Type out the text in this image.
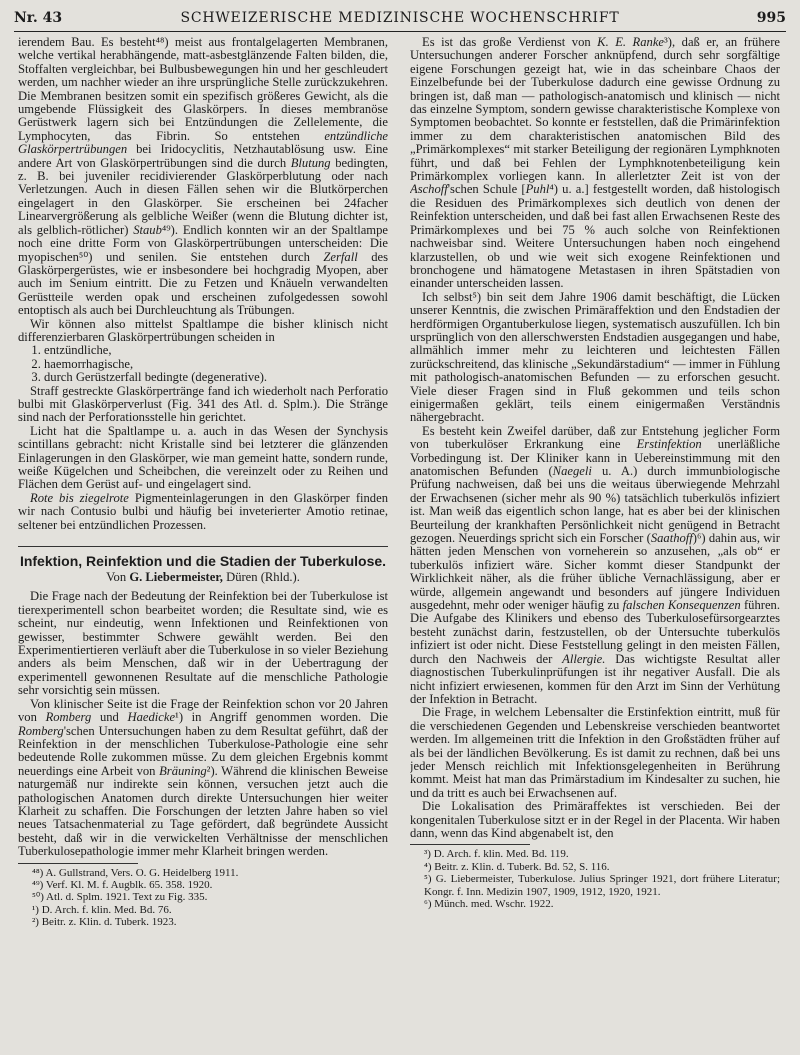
Nr. 43	SCHWEIZERISCHE MEDIZINISCHE WOCHENSCHRIFT	995

ierendem Bau. Es besteht⁴⁸) meist aus frontalgelagerten Membranen, welche vertikal herabhängende, matt-asbestglänzende Falten bilden, die, Stoffalten vergleichbar, bei Bulbusbewegungen hin und her geschleudert werden, um nachher wieder an ihre ursprüngliche Stelle zurückzukehren. Die Membranen besitzen somit ein spezifisch größeres Gewicht, als die umgebende Flüssigkeit des Glaskörpers. In dieses membranöse Gerüstwerk lagern sich bei Entzündungen die Zellelemente, die Lymphocyten, das Fibrin. So entstehen entzündliche Glaskörpertrübungen bei Iridocyclitis, Netzhautablösung usw. Eine andere Art von Glaskörpertrübungen sind die durch Blutung bedingten, z. B. bei juveniler recidivierender Glaskörperblutung oder nach Verletzungen. Auch in diesen Fällen sehen wir die Blutkörperchen eingelagert in den Glaskörper. Sie erscheinen bei 24facher Linearvergrößerung als gelbliche Weißer (wenn die Blutung dichter ist, als gelblich-rötlicher) Staub⁴⁹). Endlich konnten wir an der Spaltlampe noch eine dritte Form von Glaskörpertrübungen unterscheiden: Die myopischen⁵⁰) und senilen. Sie entstehen durch Zerfall des Glaskörpergerüstes, wie er insbesondere bei hochgradig Myopen, aber auch im Senium eintritt. Die zu Fetzen und Knäueln verwandelten Gerüstteile werden opak und erscheinen zufolgedessen sowohl entoptisch als auch bei Durchleuchtung als Trübungen.

Wir können also mittelst Spaltlampe die bisher klinisch nicht differenzierbaren Glaskörpertrübungen scheiden in

1. entzündliche,
2. haemorrhagische,
3. durch Gerüstzerfall bedingte (degenerative).

Straff gestreckte Glaskörpertränge fand ich wiederholt nach Perforatio bulbi mit Glaskörperverlust (Fig. 341 des Atl. d. Splm.). Die Stränge sind nach der Perforationsstelle hin gerichtet.

Licht hat die Spaltlampe u. a. auch in das Wesen der Synchysis scintillans gebracht: nicht Kristalle sind bei letzterer die glänzenden Einlagerungen in den Glaskörper, wie man gemeint hatte, sondern runde, weiße Kügelchen und Scheibchen, die vereinzelt oder zu Reihen und Flächen dem Gerüst auf- und eingelagert sind.

Rote bis ziegelrote Pigmenteinlagerungen in den Glaskörper finden wir nach Contusio bulbi und häufig bei inveterierter Amotio retinae, seltener bei entzündlichen Prozessen.

Infektion, Reinfektion und die Stadien der Tuberkulose.
Von G. Liebermeister, Düren (Rhld.).

Die Frage nach der Bedeutung der Reinfektion bei der Tuberkulose ist tierexperimentell schon bearbeitet worden; die Resultate sind, wie es scheint, nur eindeutig, wenn Infektionen und Reinfektionen von gewisser, bestimmter Schwere gewählt werden. Bei den Experimentiertieren verläuft aber die Tuberkulose in so vieler Beziehung anders als beim Menschen, daß wir in der Uebertragung der experimentell gewonnenen Resultate auf die menschliche Pathologie sehr vorsichtig sein müssen.

Von klinischer Seite ist die Frage der Reinfektion schon vor 20 Jahren von Romberg und Haedicke¹) in Angriff genommen worden. Die Romberg'schen Untersuchungen haben zu dem Resultat geführt, daß der Reinfektion in der menschlichen Tuberkulose-Pathologie eine sehr bedeutende Rolle zukommen müsse. Zu dem gleichen Ergebnis kommt neuerdings eine Arbeit von Bräuning²). Während die klinischen Beweise naturgemäß nur indirekte sein können, versuchen jetzt auch die pathologischen Anatomen durch direkte Untersuchungen hier weiter Klarheit zu schaffen. Die Forschungen der letzten Jahre haben so viel neues Tatsachenmaterial zu Tage gefördert, daß begründete Aussicht besteht, daß wir in die verwickelten Verhältnisse der menschlichen Tuberkulosepathologie immer mehr Klarheit bringen werden.

⁴⁸) A. Gullstrand, Vers. O. G. Heidelberg 1911.

⁴⁹) Verf. Kl. M. f. Augblk. 65. 358. 1920.

⁵⁰) Atl. d. Splm. 1921. Text zu Fig. 335.

¹) D. Arch. f. klin. Med. Bd. 76.

²) Beitr. z. Klin. d. Tuberk. 1923.

Es ist das große Verdienst von K. E. Ranke³), daß er, an frühere Untersuchungen anderer Forscher anknüpfend, durch sehr sorgfältige eigene Forschungen gezeigt hat, wie in das scheinbare Chaos der Einzelbefunde bei der Tuberkulose dadurch eine gewisse Ordnung zu bringen ist, daß man — pathologisch-anatomisch und klinisch — nicht das einzelne Symptom, sondern gewisse charakteristische Komplexe von Symptomen beobachtet. So konnte er feststellen, daß die Primärinfektion immer zu dem charakteristischen anatomischen Bild des „Primärkomplexes“ mit starker Beteiligung der regionären Lymphknoten führt, und daß bei Fehlen der Lymphknotenbeteiligung kein Primärkomplex vorliegen kann. In allerletzter Zeit ist von der Aschoff'schen Schule [Puhl⁴) u. a.] festgestellt worden, daß histologisch die Residuen des Primärkomplexes sich deutlich von denen der Reinfektion unterscheiden, und daß bei fast allen Erwachsenen Reste des Primärkomplexes und bei 75 % auch solche von Reinfektionen nachweisbar sind. Weitere Untersuchungen haben noch eingehend klarzustellen, ob und wie weit sich exogene Reinfektionen und bronchogene und hämatogene Metastasen in ihren Spätstadien von einander unterscheiden lassen.

Ich selbst⁵) bin seit dem Jahre 1906 damit beschäftigt, die Lücken unserer Kenntnis, die zwischen Primäraffektion und den Endstadien der herdförmigen Organtuberkulose liegen, systematisch auszufüllen. Ich bin ursprünglich von den allerschwersten Endstadien ausgegangen und habe, allmählich immer mehr zu leichteren und leichtesten Fällen zurückschreitend, das klinische „Sekundärstadium“ — immer in Fühlung mit pathologisch-anatomischen Befunden — zu erforschen gesucht. Viele dieser Fragen sind in Fluß gekommen und teils schon einigermaßen geklärt, teils einem einigermaßen Verständnis nähergebracht.

Es besteht kein Zweifel darüber, daß zur Entstehung jeglicher Form von tuberkulöser Erkrankung eine Erstinfektion unerläßliche Vorbedingung ist. Der Kliniker kann in Uebereinstimmung mit den anatomischen Befunden (Naegeli u. A.) durch immunbiologische Prüfung nachweisen, daß bei uns die weitaus überwiegende Mehrzahl der Erwachsenen (sicher mehr als 90 %) tatsächlich tuberkulös infiziert ist. Man weiß das eigentlich schon lange, hat es aber bei der klinischen Beurteilung der krankhaften Persönlichkeit nicht genügend in Betracht gezogen. Neuerdings spricht sich ein Forscher (Saathoff)⁶) dahin aus, wir hätten jeden Menschen von vorneherein so anzusehen, „als ob“ er tuberkulös infiziert wäre. Sicher kommt dieser Standpunkt der Wirklichkeit näher, als die früher übliche Vernachlässigung, aber er würde, allgemein angewandt und besonders auf jüngere Individuen ausgedehnt, mehr oder weniger häufig zu falschen Konsequenzen führen. Die Aufgabe des Klinikers und ebenso des Tuberkulosefürsorgearztes besteht zunächst darin, festzustellen, ob der Untersuchte tuberkulös infiziert ist oder nicht. Diese Feststellung gelingt in den meisten Fällen, durch den Nachweis der Allergie. Das wichtigste Resultat aller diagnostischen Tuberkulinprüfungen ist ihr negativer Ausfall. Die als nicht infiziert erwiesenen, kommen für den Arzt im Sinn der Verhütung der Infektion in Betracht.

Die Frage, in welchem Lebensalter die Erstinfektion eintritt, muß für die verschiedenen Gegenden und Lebenskreise verschieden beantwortet werden. Im allgemeinen tritt die Infektion in den Großstädten früher auf als bei der ländlichen Bevölkerung. Es ist damit zu rechnen, daß bei uns jeder Mensch reichlich mit Infektionsgelegenheiten in Berührung kommt. Meist hat man das Primärstadium im Kindesalter zu suchen, hie und da tritt es auch bei Erwachsenen auf.

Die Lokalisation des Primäraffektes ist verschieden. Bei der kongenitalen Tuberkulose sitzt er in der Regel in der Placenta. Wir haben dann, wenn das Kind abgenabelt ist, den

³) D. Arch. f. klin. Med. Bd. 119.

⁴) Beitr. z. Klin. d. Tuberk. Bd. 52, S. 116.

⁵) G. Liebermeister, Tuberkulose. Julius Springer 1921, dort frühere Literatur; Kongr. f. Inn. Medizin 1907, 1909, 1912, 1920, 1921.

⁶) Münch. med. Wschr. 1922.
